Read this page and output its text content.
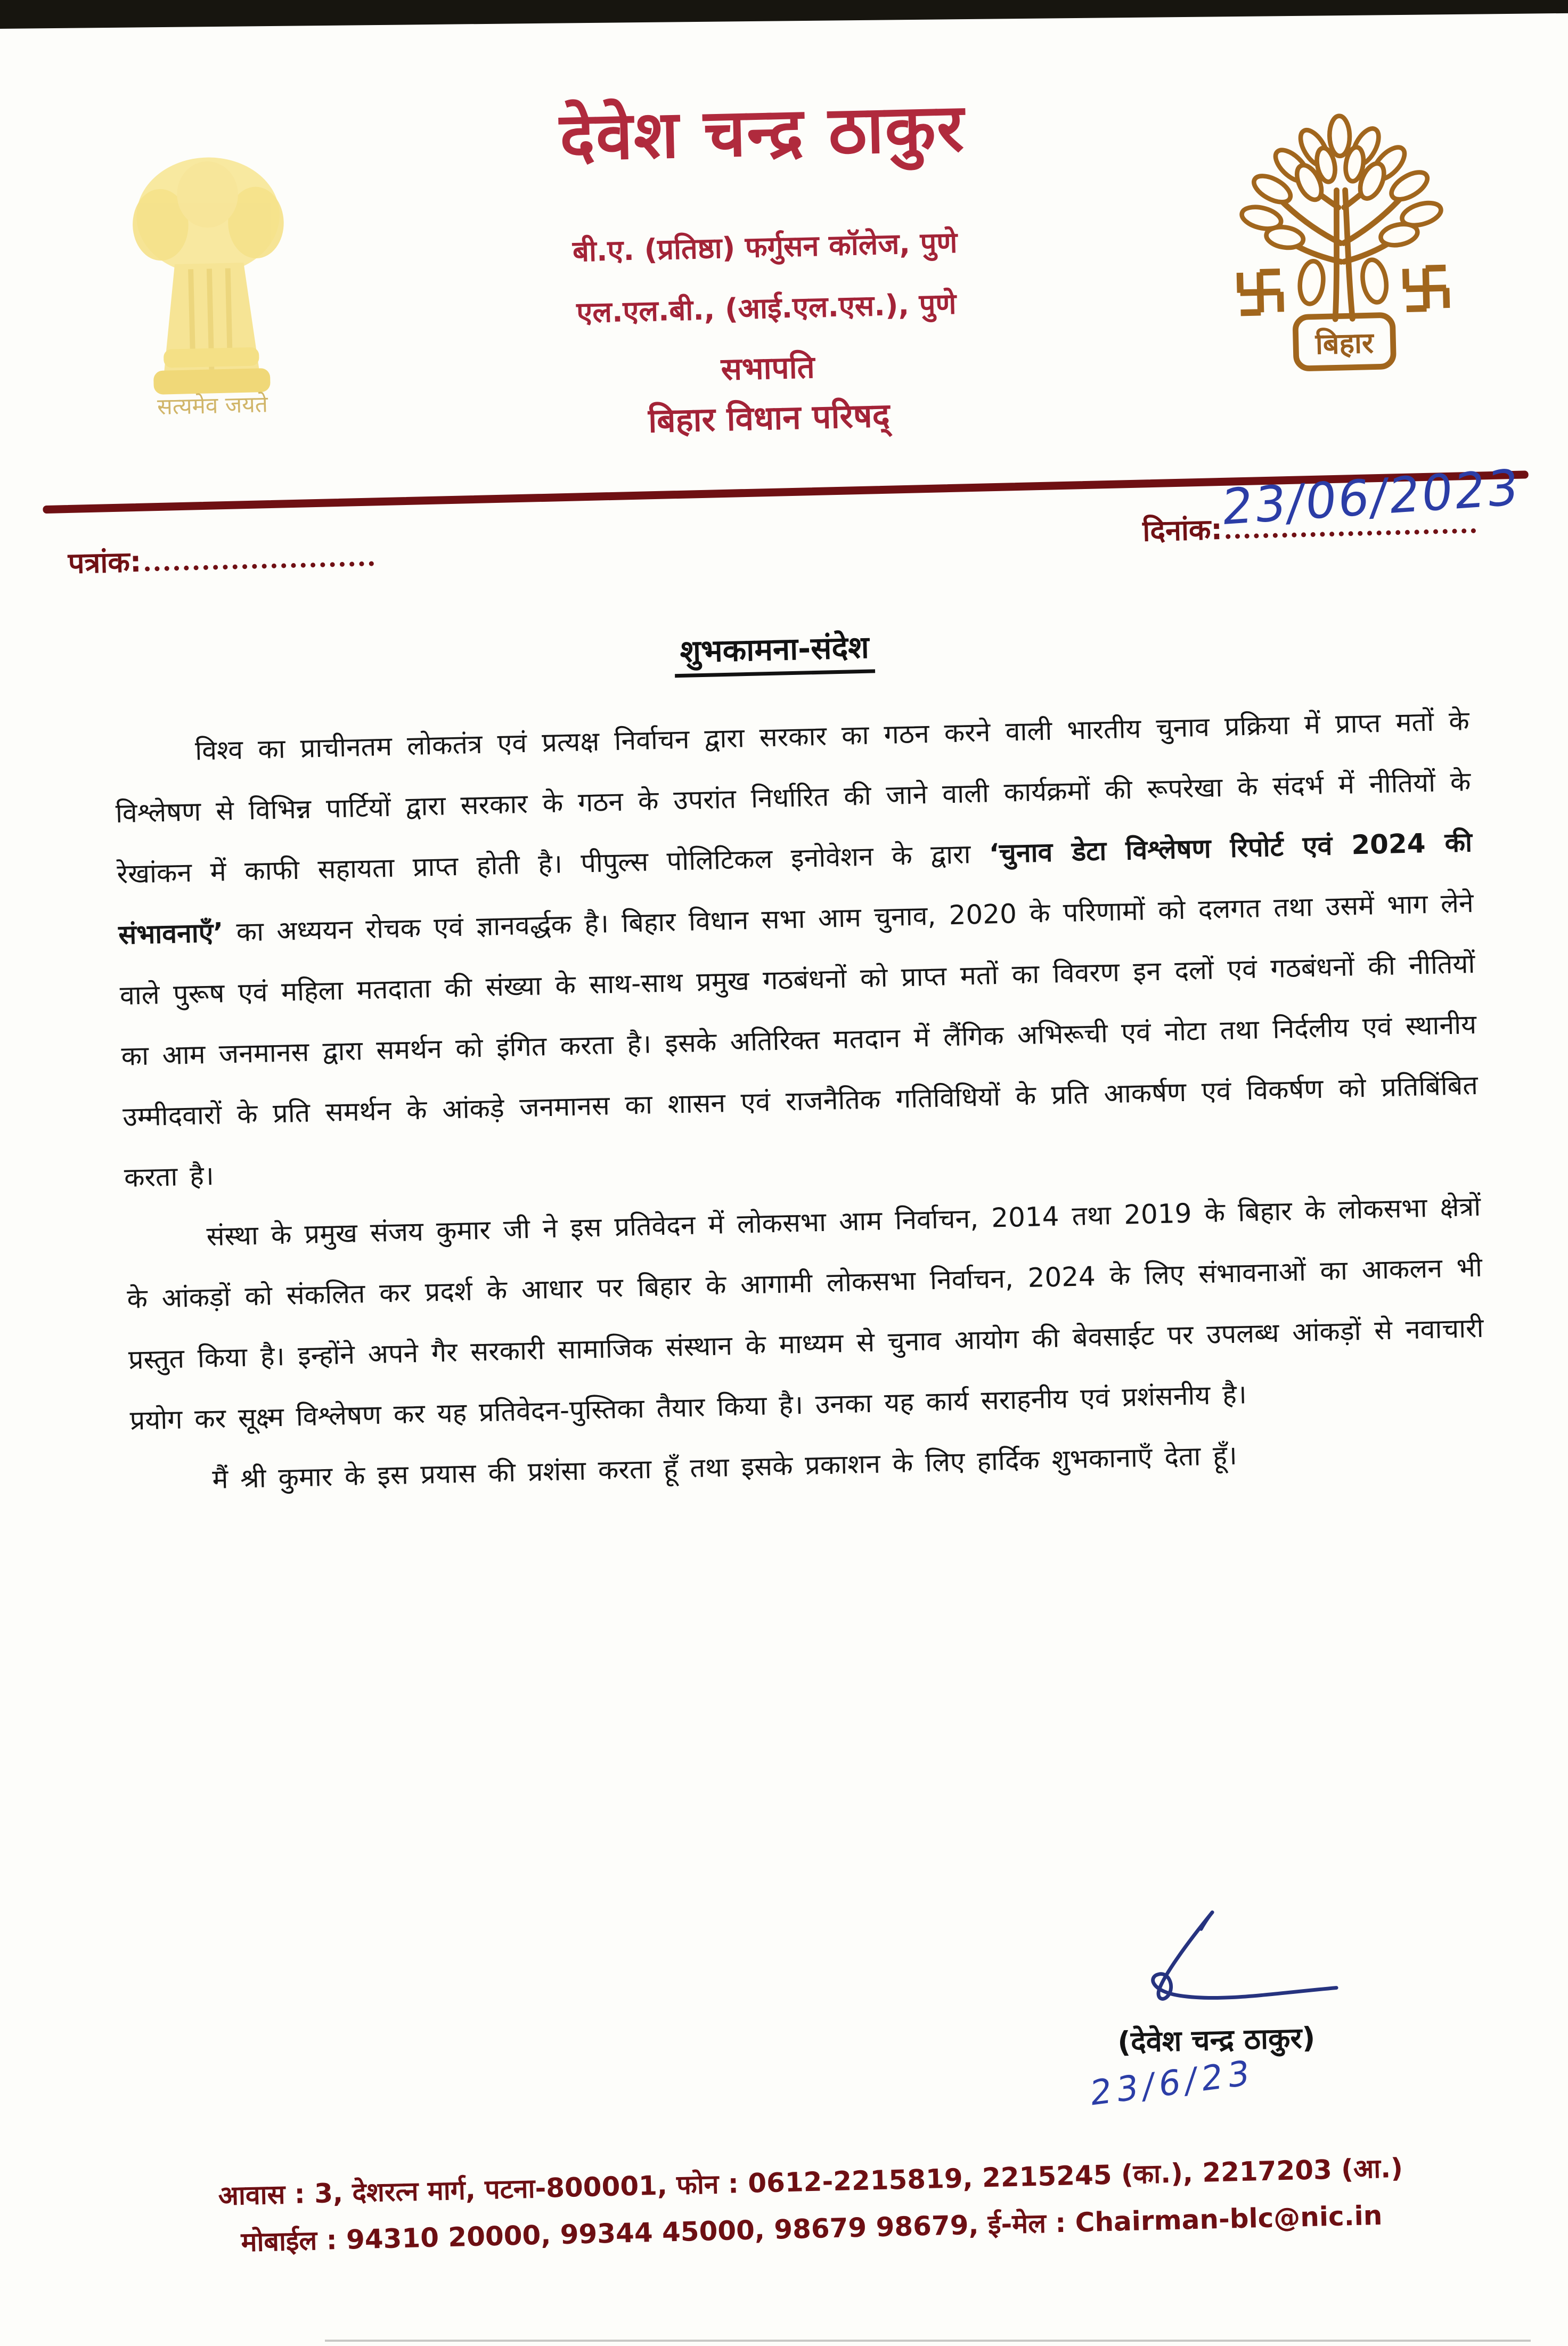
सत्यमेव जयते
बिहार
देवेश चन्द्र ठाकुर
बी.ए. (प्रतिष्ठा) फर्गुसन कॉलेज, पुणे
एल.एल.बी., (आई.एल.एस.), पुणे
सभापति
बिहार विधान परिषद्
पत्रांक:
23/06/2023
दिनांक:
शुभकामना-संदेश

विश्व का प्राचीनतम लोकतंत्र एवं प्रत्यक्ष निर्वाचन द्वारा सरकार का गठन करने वाली भारतीय चुनाव प्रक्रिया में प्राप्त मतों के विश्लेषण से विभिन्न पार्टियों द्वारा सरकार के गठन के उपरांत निर्धारित की जाने वाली कार्यक्रमों की रूपरेखा के संदर्भ में नीतियों के रेखांकन में काफी सहायता प्राप्त होती है। पीपुल्स पोलिटिकल इनोवेशन के द्वारा ‘चुनाव डेटा विश्लेषण रिपोर्ट एवं 2024 की संभावनाएँ’ का अध्ययन रोचक एवं ज्ञानवर्द्धक है। बिहार विधान सभा आम चुनाव, 2020 के परिणामों को दलगत तथा उसमें भाग लेने वाले पुरूष एवं महिला मतदाता की संख्या के साथ-साथ प्रमुख गठबंधनों को प्राप्त मतों का विवरण इन दलों एवं गठबंधनों की नीतियों का आम जनमानस द्वारा समर्थन को इंगित करता है। इसके अतिरिक्त मतदान में लैंगिक अभिरूची एवं नोटा तथा निर्दलीय एवं स्थानीय उम्मीदवारों के प्रति समर्थन के आंकड़े जनमानस का शासन एवं राजनैतिक गतिविधियों के प्रति आकर्षण एवं विकर्षण को प्रतिबिंबित करता है।

संस्था के प्रमुख संजय कुमार जी ने इस प्रतिवेदन में लोकसभा आम निर्वाचन, 2014 तथा 2019 के बिहार के लोकसभा क्षेत्रों के आंकड़ों को संकलित कर प्रदर्श के आधार पर बिहार के आगामी लोकसभा निर्वाचन, 2024 के लिए संभावनाओं का आकलन भी प्रस्तुत किया है। इन्होंने अपने गैर सरकारी सामाजिक संस्थान के माध्यम से चुनाव आयोग की बेवसाईट पर उपलब्ध आंकड़ों से नवाचारी प्रयोग कर सूक्ष्म विश्लेषण कर यह प्रतिवेदन-पुस्तिका तैयार किया है। उनका यह कार्य सराहनीय एवं प्रशंसनीय है।

मैं श्री कुमार के इस प्रयास की प्रशंसा करता हूँ तथा इसके प्रकाशन के लिए हार्दिक शुभकानाएँ देता हूँ।

(देवेश चन्द्र ठाकुर)
23/6/23
आवास : 3, देशरत्न मार्ग, पटना-800001, फोन : 0612-2215819, 2215245 (का.), 2217203 (आ.)
मोबाईल : 94310 20000, 99344 45000, 98679 98679, ई-मेल : Chairman-blc@nic.in
